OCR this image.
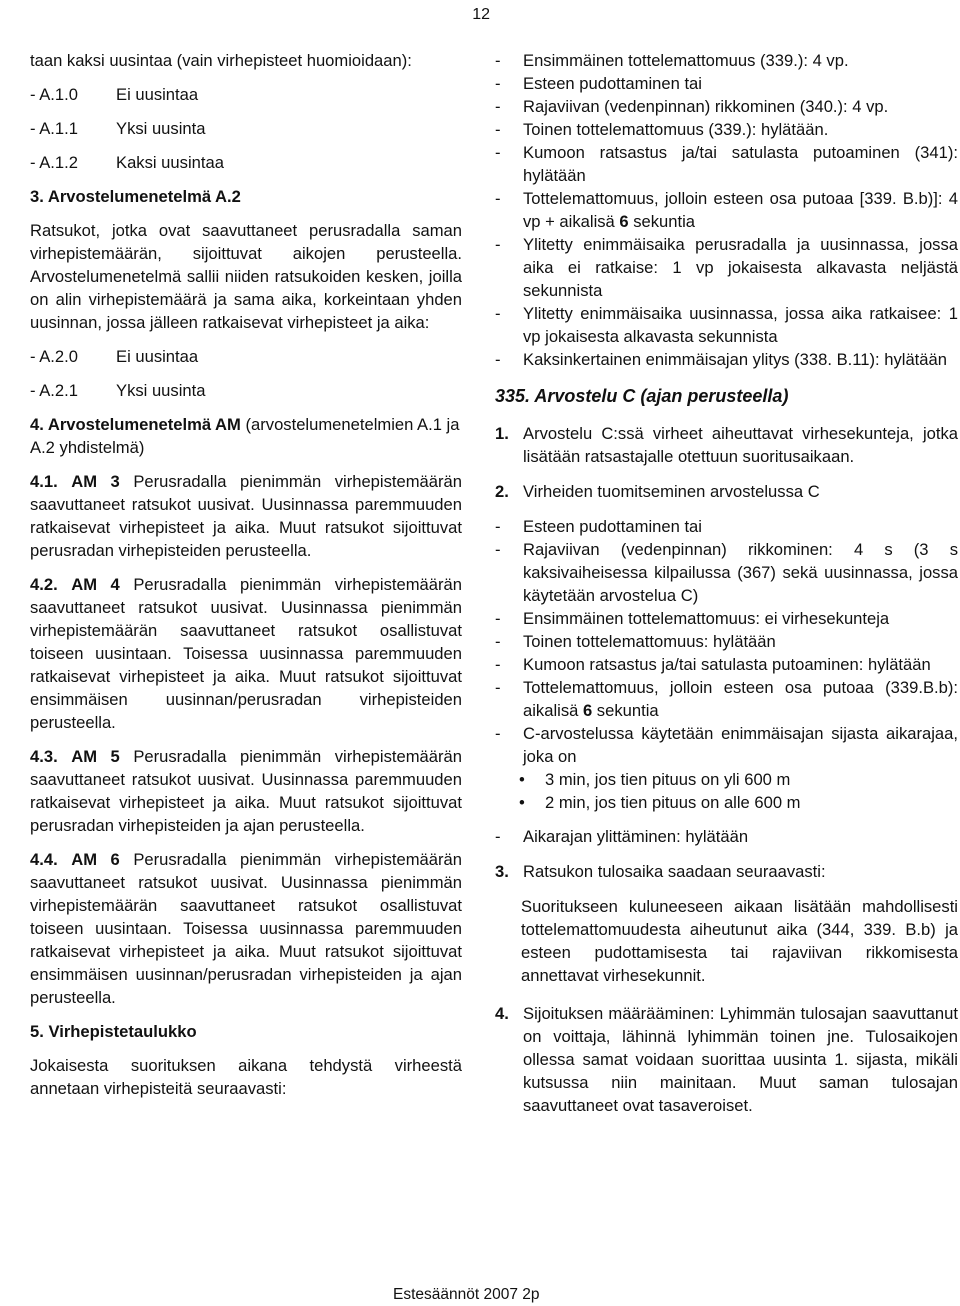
12

taan kaksi uusintaa (vain virhepisteet huomioidaan):

- A.1.0 Ei uusintaa
- A.1.1 Yksi uusinta
- A.1.2 Kaksi uusintaa

3. Arvostelumenetelmä A.2

Ratsukot, jotka ovat saavuttaneet perusradalla saman virhepistemäärän, sijoittuvat aikojen perusteella. Arvostelumenetelmä sallii niiden ratsukoiden kesken, joilla on alin virhepistemäärä ja sama aika, korkeintaan yhden uusinnan, jossa jälleen ratkaisevat virhepisteet ja aika:

- A.2.0 Ei uusintaa
- A.2.1 Yksi uusinta

4. Arvostelumenetelmä AM (arvostelumenetelmien A.1 ja A.2 yhdistelmä)

4.1. AM 3 Perusradalla pienimmän virhepistemäärän saavuttaneet ratsukot uusivat. Uusinnassa paremmuuden ratkaisevat virhepisteet ja aika. Muut ratsukot sijoittuvat perusradan virhepisteiden perusteella.

4.2. AM 4 Perusradalla pienimmän virhepistemäärän saavuttaneet ratsukot uusivat. Uusinnassa pienimmän virhepistemäärän saavuttaneet ratsukot osallistuvat toiseen uusintaan. Toisessa uusinnassa paremmuuden ratkaisevat virhepisteet ja aika. Muut ratsukot sijoittuvat ensimmäisen uusinnan/perusradan virhepisteiden perusteella.

4.3. AM 5 Perusradalla pienimmän virhepistemäärän saavuttaneet ratsukot uusivat. Uusinnassa paremmuuden ratkaisevat virhepisteet ja aika. Muut ratsukot sijoittuvat perusradan virhepisteiden ja ajan perusteella.

4.4. AM 6 Perusradalla pienimmän virhepistemäärän saavuttaneet ratsukot uusivat. Uusinnassa pienimmän virhepistemäärän saavuttaneet ratsukot osallistuvat toiseen uusintaan. Toisessa uusinnassa paremmuuden ratkaisevat virhepisteet ja aika. Muut ratsukot sijoittuvat ensimmäisen uusinnan/perusradan virhepisteiden ja ajan perusteella.

5. Virhepistetaulukko

Jokaisesta suorituksen aikana tehdystä virheestä annetaan virhepisteitä seuraavasti:

- Ensimmäinen tottelemattomuus (339.): 4 vp.
- Esteen pudottaminen tai
- Rajaviivan (vedenpinnan) rikkominen (340.): 4 vp.
- Toinen tottelemattomuus (339.): hylätään.
- Kumoon ratsastus ja/tai satulasta putoaminen (341): hylätään
- Tottelemattomuus, jolloin esteen osa putoaa [339. B.b)]: 4 vp + aikalisä 6 sekuntia
- Ylitetty enimmäisaika perusradalla ja uusinnassa, jossa aika ei ratkaise: 1 vp jokaisesta alkavasta neljästä sekunnista
- Ylitetty enimmäisaika uusinnassa, jossa aika ratkaisee: 1 vp jokaisesta alkavasta sekunnista
- Kaksinkertainen enimmäisajan ylitys (338. B.11): hylätään

335. Arvostelu C (ajan perusteella)

1. Arvostelu C:ssä virheet aiheuttavat virhesekunteja, jotka lisätään ratsastajalle otettuun suoritusaikaan.
2. Virheiden tuomitseminen arvostelussa C
- Esteen pudottaminen tai
- Rajaviivan (vedenpinnan) rikkominen: 4 s (3 s kaksivaiheisessa kilpailussa (367) sekä uusinnassa, jossa käytetään arvostelua C)
- Ensimmäinen tottelemattomuus: ei virhesekunteja
- Toinen tottelemattomuus: hylätään
- Kumoon ratsastus ja/tai satulasta putoaminen: hylätään
- Tottelemattomuus, jolloin esteen osa putoaa (339.B.b): aikalisä 6 sekuntia
- C-arvostelussa käytetään enimmäisajan sijasta aikarajaa, joka on
• 3 min, jos tien pituus on yli 600 m
• 2 min, jos tien pituus on alle 600 m
- Aikarajan ylittäminen: hylätään
3. Ratsukon tulosaika saadaan seuraavasti:

Suoritukseen kuluneeseen aikaan lisätään mahdollisesti tottelemattomuudesta aiheutunut aika (344, 339. B.b) ja esteen pudottamisesta tai rajaviivan rikkomisesta annettavat virhesekunnit.

4. Sijoituksen määrääminen: Lyhimmän tulosajan saavuttanut on voittaja, lähinnä lyhimmän toinen jne. Tulosaikojen ollessa samat voidaan suorittaa uusinta 1. sijasta, mikäli kutsussa niin mainitaan. Muut saman tulosajan saavuttaneet ovat tasaveroiset.
Estesäännöt 2007 2p
